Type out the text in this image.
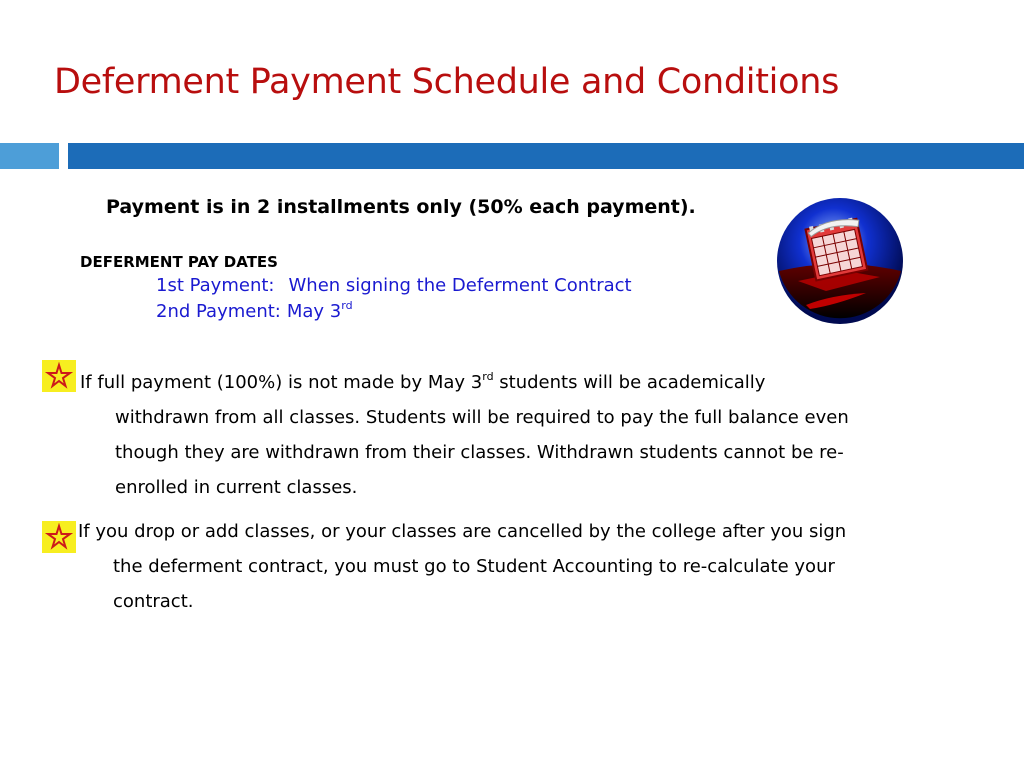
Deferment Payment Schedule and Conditions
Payment is in 2 installments only (50% each payment).
DEFERMENT PAY DATES
1st Payment: When signing the Deferment Contract
2nd Payment: May 3rd
If full payment (100%) is not made by May 3rd students will be academically
withdrawn from all classes. Students will be required to pay the full balance even
though they are withdrawn from their classes. Withdrawn students cannot be re-
enrolled in current classes.
If you drop or add classes, or your classes are cancelled by the college after you sign
the deferment contract, you must go to Student Accounting to re-calculate your
contract.
